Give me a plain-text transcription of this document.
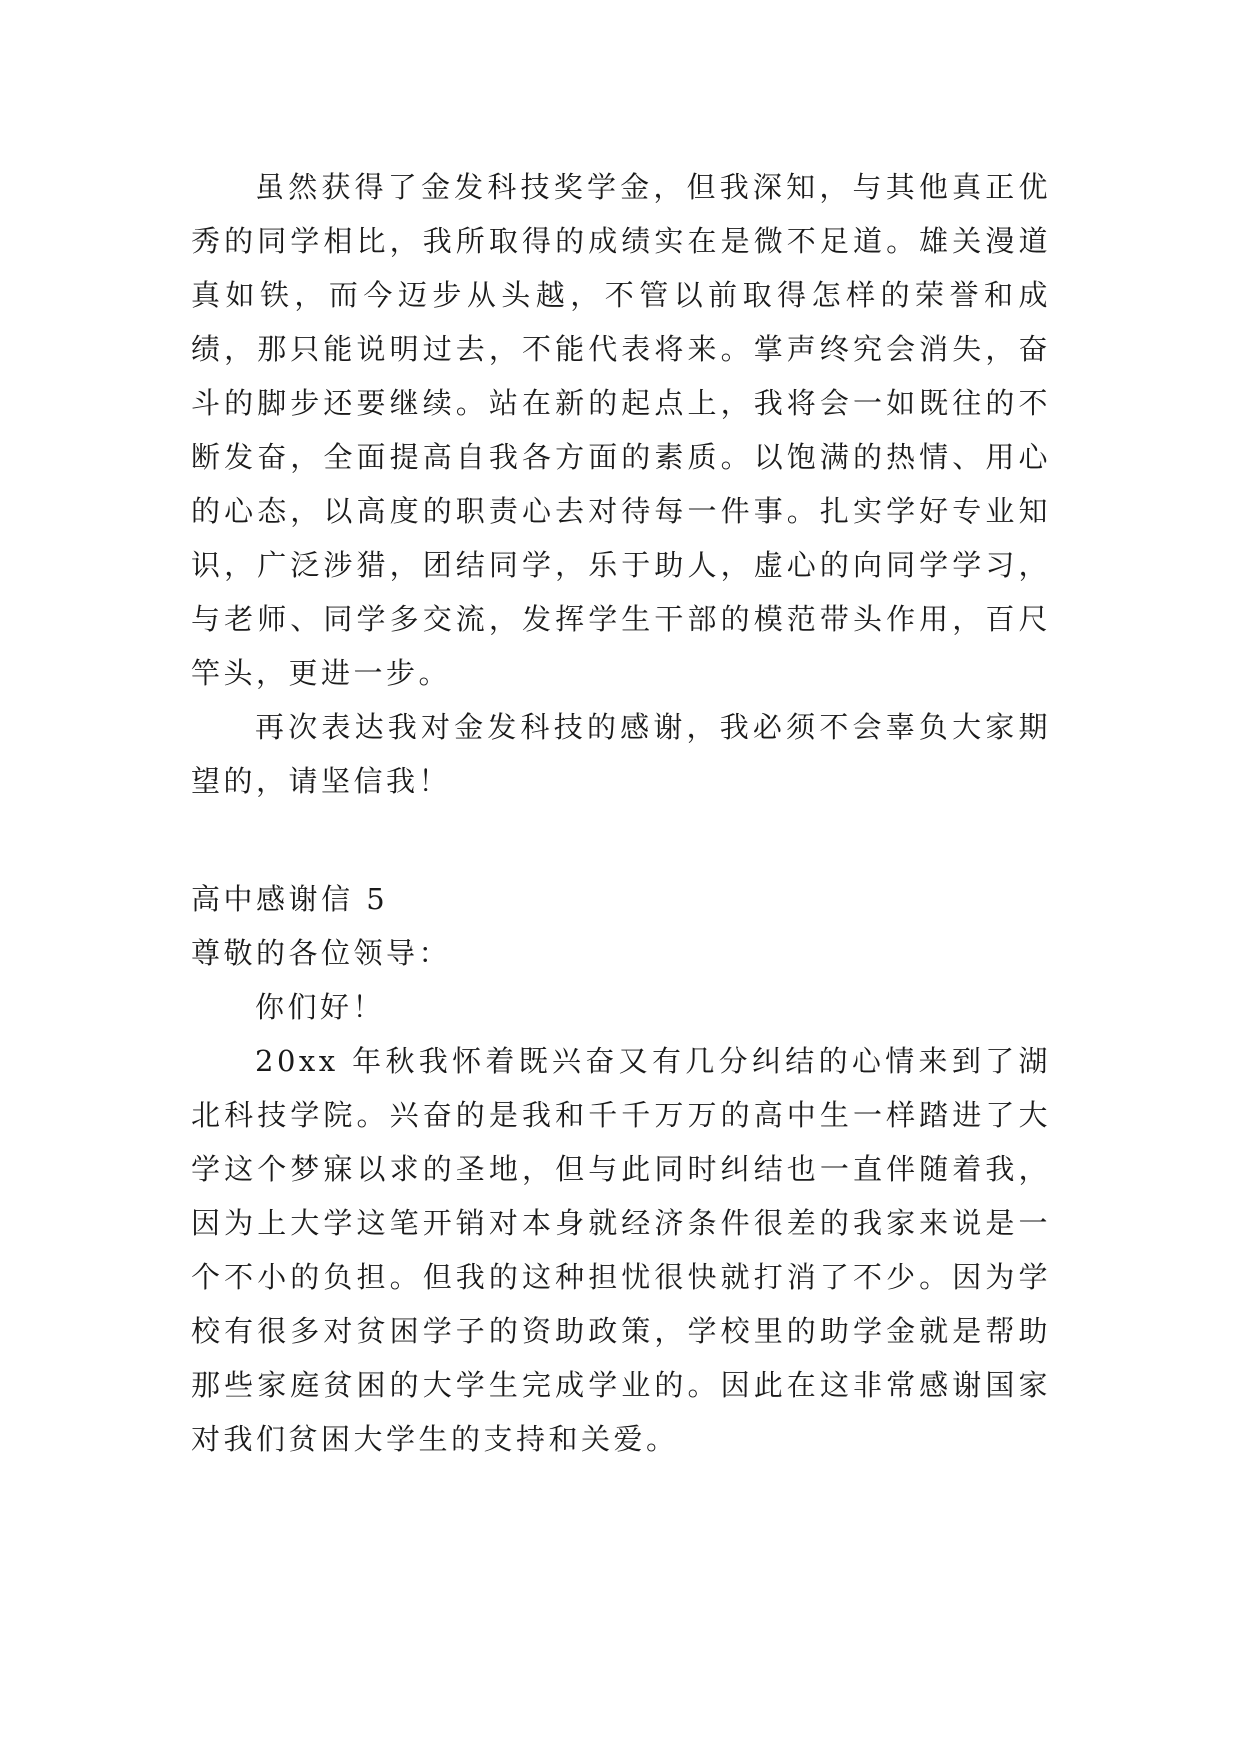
虽然获得了金发科技奖学金，但我深知，与其他真正优秀的同学相比，我所取得的成绩实在是微不足道。雄关漫道真如铁，而今迈步从头越，不管以前取得怎样的荣誉和成绩，那只能说明过去，不能代表将来。掌声终究会消失，奋斗的脚步还要继续。站在新的起点上，我将会一如既往的不断发奋，全面提高自我各方面的素质。以饱满的热情、用心的心态，以高度的职责心去对待每一件事。扎实学好专业知识，广泛涉猎，团结同学，乐于助人，虚心的向同学学习，与老师、同学多交流，发挥学生干部的模范带头作用，百尺竿头，更进一步。

再次表达我对金发科技的感谢，我必须不会辜负大家期望的，请坚信我！

高中感谢信 5

尊敬的各位领导：

你们好！

20xx 年秋我怀着既兴奋又有几分纠结的心情来到了湖北科技学院。兴奋的是我和千千万万的高中生一样踏进了大学这个梦寐以求的圣地，但与此同时纠结也一直伴随着我，因为上大学这笔开销对本身就经济条件很差的我家来说是一个不小的负担。但我的这种担忧很快就打消了不少。因为学校有很多对贫困学子的资助政策，学校里的助学金就是帮助那些家庭贫困的大学生完成学业的。因此在这非常感谢国家对我们贫困大学生的支持和关爱。
